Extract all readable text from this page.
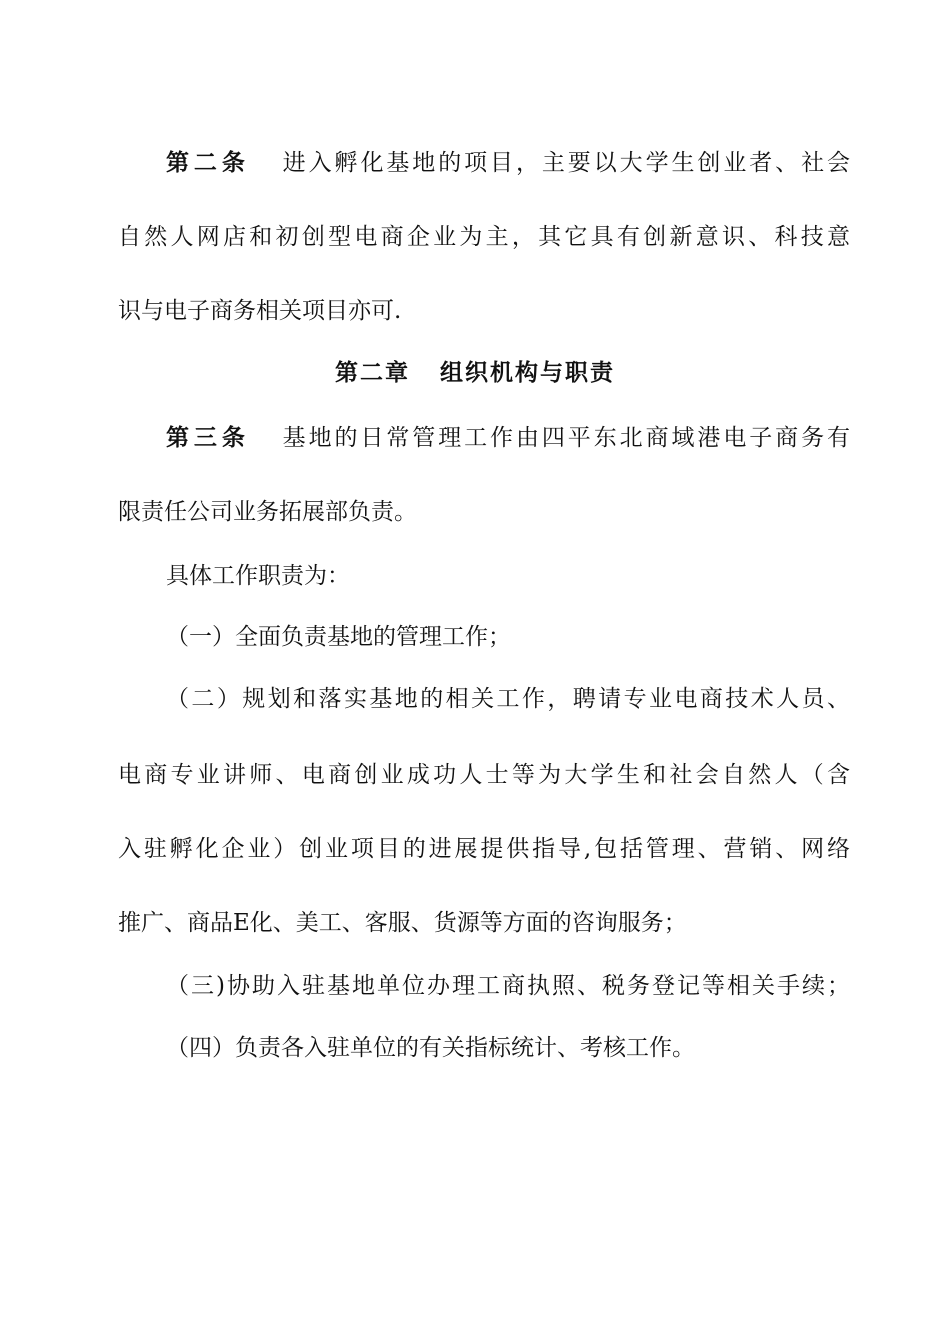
第二条 进入孵化基地的项目，主要以大学生创业者、社会
自然人网店和初创型电商企业为主，其它具有创新意识、科技意
识与电子商务相关项目亦可.
第二章 组织机构与职责
第三条 基地的日常管理工作由四平东北商域港电子商务有
限责任公司业务拓展部负责。
具体工作职责为：
（一）全面负责基地的管理工作；
（二）规划和落实基地的相关工作，聘请专业电商技术人员、
电商专业讲师、电商创业成功人士等为大学生和社会自然人（含
入驻孵化企业）创业项目的进展提供指导,包括管理、营销、网络
推广、商品E化、美工、客服、货源等方面的咨询服务；
（三)协助入驻基地单位办理工商执照、税务登记等相关手续；
（四）负责各入驻单位的有关指标统计、考核工作。
